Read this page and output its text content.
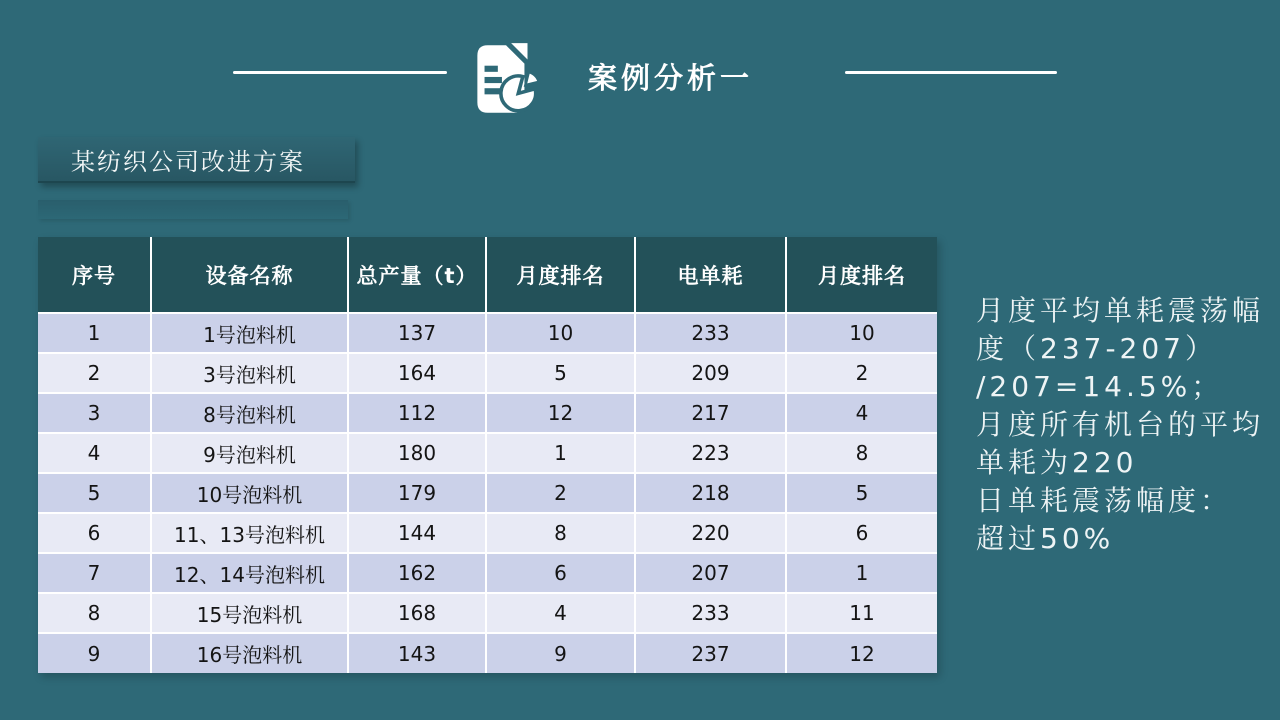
案例分析一
某纺织公司改进方案
序号	设备名称	总产量（t）	月度排名	电单耗	月度排名
1	1号泡料机	137	10	233	10
2	3号泡料机	164	5	209	2
3	8号泡料机	112	12	217	4
4	9号泡料机	180	1	223	8
5	10号泡料机	179	2	218	5
6	11、13号泡料机	144	8	220	6
7	12、14号泡料机	162	6	207	1
8	15号泡料机	168	4	233	11
9	16号泡料机	143	9	237	12
月度平均单耗震荡幅
度（237-207）
/207=14.5%；
月度所有机台的平均
单耗为220
日单耗震荡幅度：
超过50%
